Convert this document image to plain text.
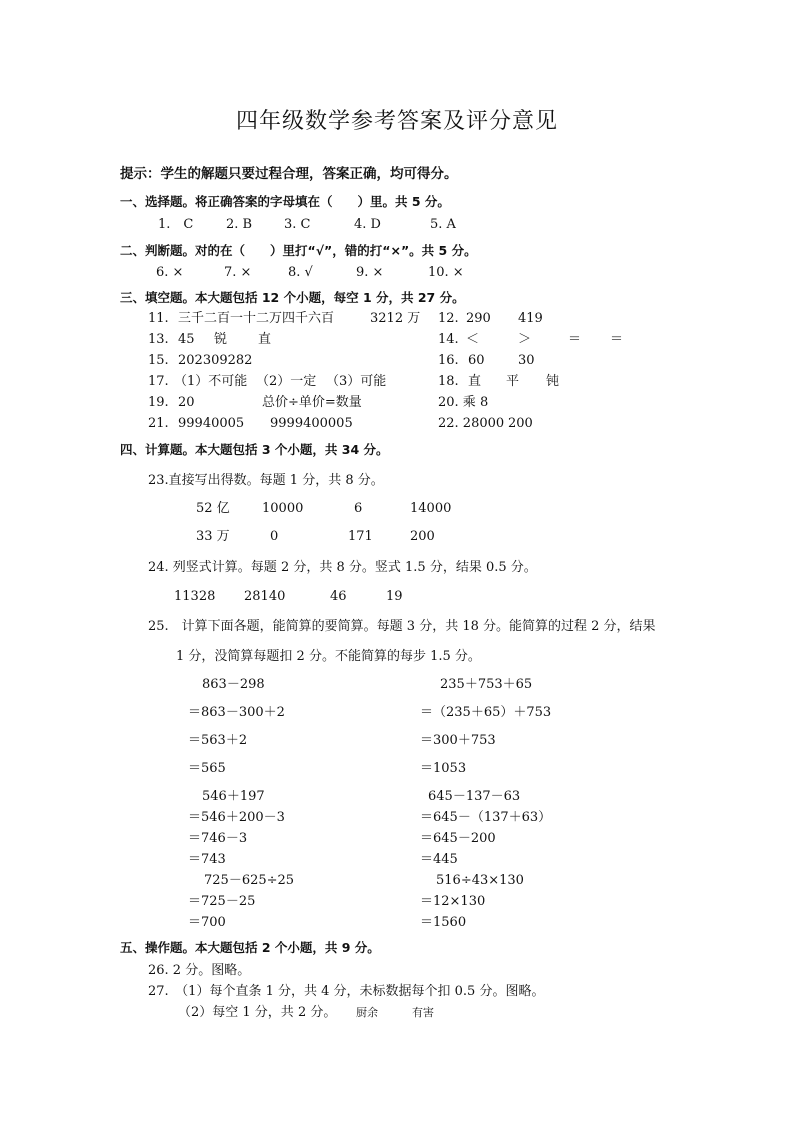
四年级数学参考答案及评分意见
提示：学生的解题只要过程合理，答案正确，均可得分。
一、选择题。将正确答案的字母填在（　　）里。共 5 分。
1.　C	2. B 3. C	4. D	5. A
二、判断题。对的在（　　）里打“√”，错的打“×”。共 5 分。
6. ×	7. ×	8. √	9. ×	10. ×
三、填空题。本大题包括 12 个小题，每空 1 分，共 27 分。
11. 三千二百一十二万四千六百	3212 万 12. 290 419
13. 45 锐 直	14. ＜	＞	＝ ＝
15. 202309282	16. 60	30
17. （1）不可能 （2）一定 （3）可能	18. 直 平 钝
19. 20	总价÷单价=数量	20. 乘 8
21. 99940005 9999400005	22. 28000 200
四、计算题。本大题包括 3 个小题，共 34 分。
23.直接写出得数。每题 1 分，共 8 分。
52 亿 10000	6	14000
33 万	0	171	200
24. 列竖式计算。每题 2 分，共 8 分。竖式 1.5 分，结果 0.5 分。
11328 28140	46	19
25.　计算下面各题，能简算的要简算。每题 3 分，共 18 分。能简算的过程 2 分，结果
1 分，没简算每题扣 2 分。不能简算的每步 1.5 分。
863－298
＝863－300＋2
＝563＋2
＝565
235＋753＋65
＝（235＋65）＋753
＝300＋753
＝1053
546＋197
＝546＋200－3
＝746－3
＝743
645－137－63
＝645－（137＋63）
＝645－200
＝445
725－625÷25
＝725－25
＝700
516÷43×130
＝12×130
＝1560
五、操作题。本大题包括 2 个小题，共 9 分。
26. 2 分。图略。
27.　（1）每个直条 1 分，共 4 分，未标数据每个扣 0.5 分。图略。
（2）每空 1 分，共 2 分。 厨余	有害
